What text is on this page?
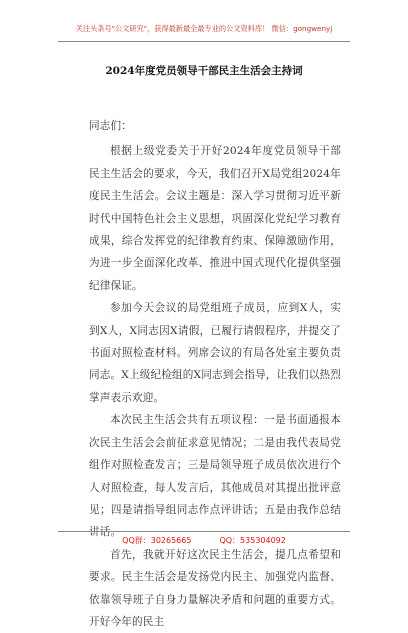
关注头条号"公文研究"，获得最新最全最专业的公文资料库！ 微信：gongwenyj
2024年度党员领导干部民主生活会主持词

同志们：

根据上级党委关于开好2024年度党员领导干部民主生活会的要求，今天，我们召开X局党组2024年度民主生活会。会议主题是：深入学习贯彻习近平新时代中国特色社会主义思想，巩固深化党纪学习教育成果，综合发挥党的纪律教育约束、保障激励作用，为进一步全面深化改革、推进中国式现代化提供坚强纪律保证。

参加今天会议的局党组班子成员，应到X人，实到X人，X同志因X请假，已履行请假程序，并提交了书面对照检查材料。列席会议的有局各处室主要负责同志。X上级纪检组的X同志到会指导，让我们以热烈掌声表示欢迎。

本次民主生活会共有五项议程：一是书面通报本次民主生活会会前征求意见情况；二是由我代表局党组作对照检查发言；三是局领导班子成员依次进行个人对照检查，每人发言后，其他成员对其提出批评意见；四是请指导组同志作点评讲话；五是由我作总结讲话。

首先，我就开好这次民主生活会，提几点希望和要求。民主生活会是发扬党内民主、加强党内监督、依靠领导班子自身力量解决矛盾和问题的重要方式。开好今年的民主

QQ群：30265665	QQ：535304092
